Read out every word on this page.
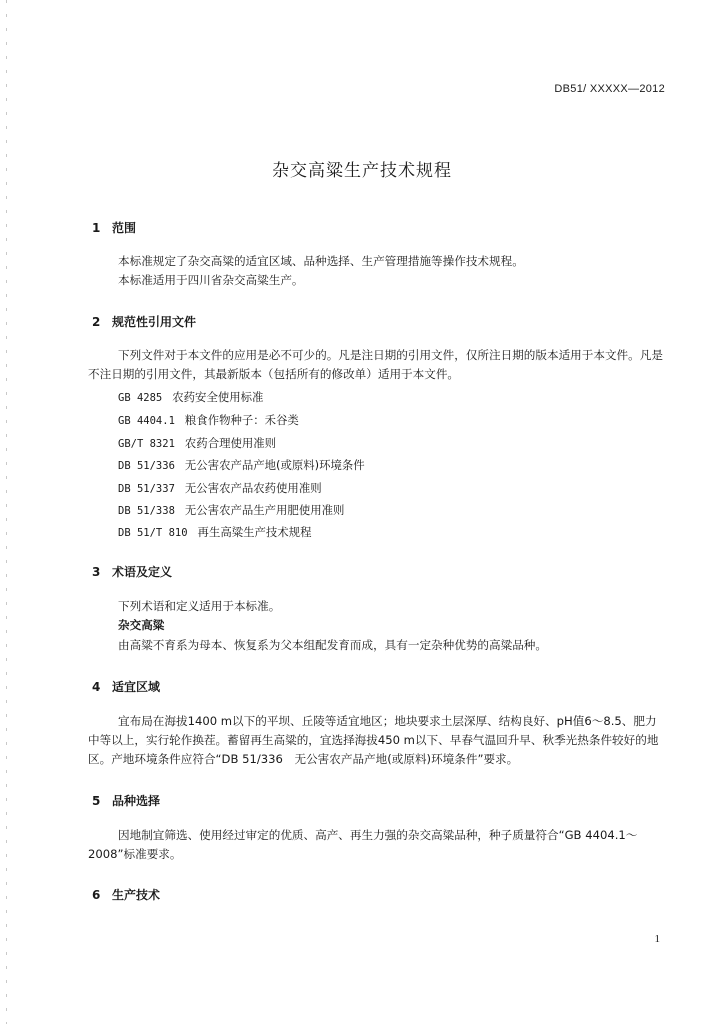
DB51/ XXXXX—2012
杂交高粱生产技术规程
1 范围
本标准规定了杂交高粱的适宜区域、品种选择、生产管理措施等操作技术规程。
本标准适用于四川省杂交高粱生产。
2 规范性引用文件

下列文件对于本文件的应用是必不可少的。凡是注日期的引用文件，仅所注日期的版本适用于本文件。凡是不注日期的引用文件，其最新版本（包括所有的修改单）适用于本文件。

GB 4285 农药安全使用标准
GB 4404.1 粮食作物种子：禾谷类
GB/T 8321 农药合理使用准则
DB 51/336 无公害农产品产地(或原料)环境条件
DB 51/337 无公害农产品农药使用准则
DB 51/338 无公害农产品生产用肥使用准则
DB 51/T 810 再生高粱生产技术规程
3 术语及定义
下列术语和定义适用于本标准。
杂交高粱
由高粱不育系为母本、恢复系为父本组配发育而成，具有一定杂种优势的高粱品种。
4 适宜区域

宜布局在海拔1400 m以下的平坝、丘陵等适宜地区；地块要求土层深厚、结构良好、pH值6～8.5、肥力中等以上，实行轮作换茬。蓄留再生高粱的，宜选择海拔450 m以下、早春气温回升早、秋季光热条件较好的地区。产地环境条件应符合“DB 51/336　无公害农产品产地(或原料)环境条件”要求。

5 品种选择

因地制宜筛选、使用经过审定的优质、高产、再生力强的杂交高粱品种，种子质量符合“GB 4404.1～2008”标准要求。

6 生产技术
1
